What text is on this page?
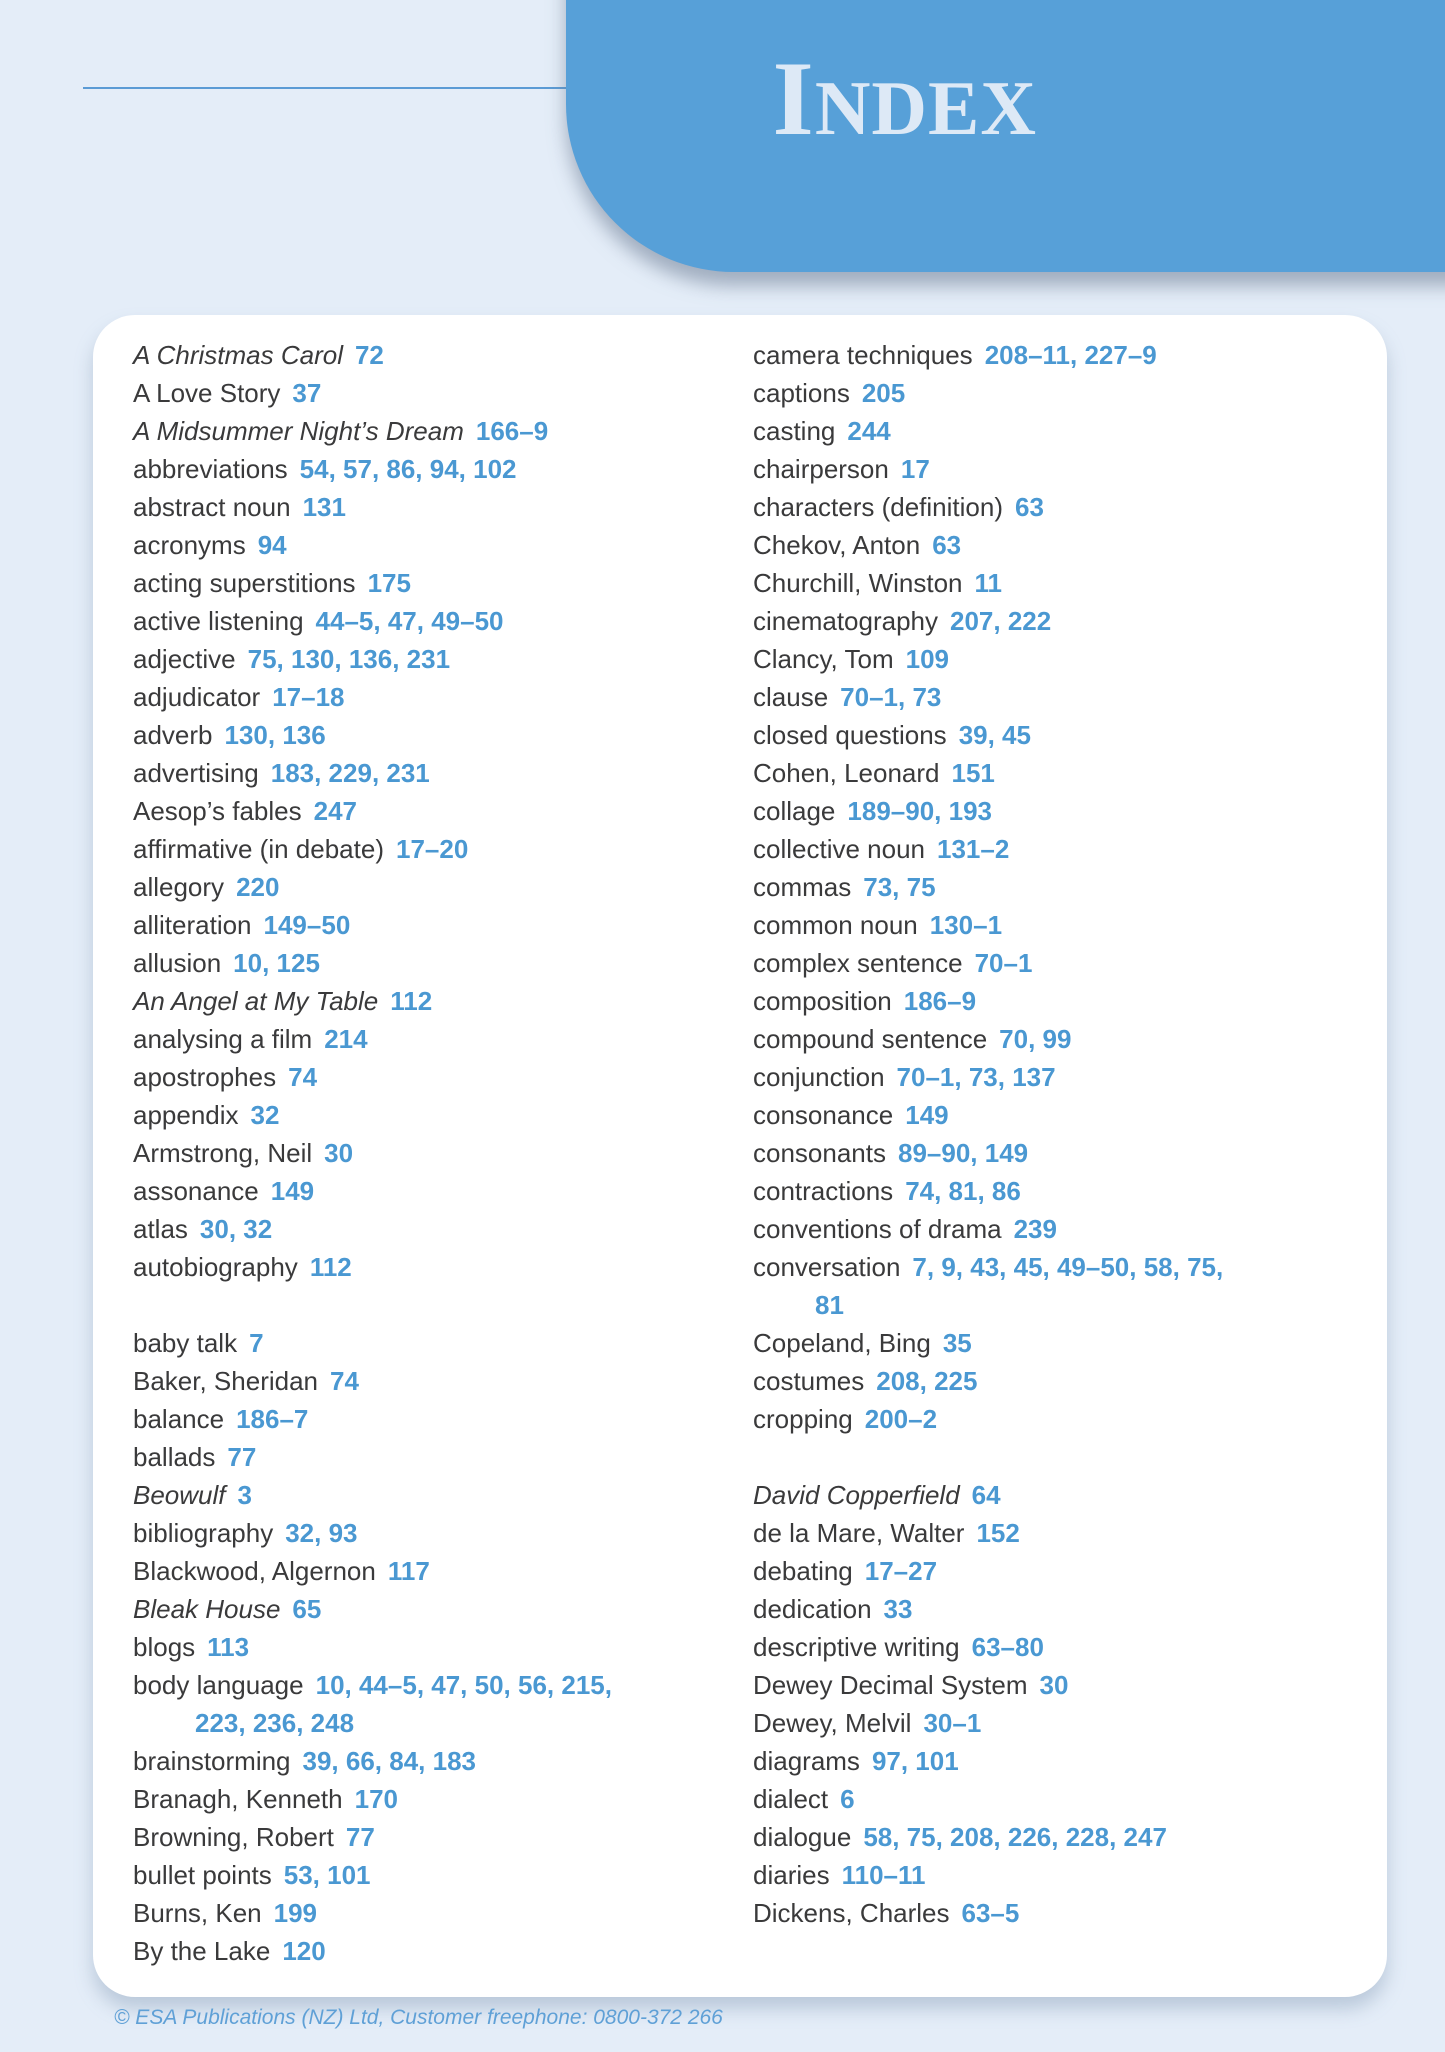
INDEX
A Christmas Carol 72
A Love Story 37
A Midsummer Night’s Dream 166–9
abbreviations 54, 57, 86, 94, 102
abstract noun 131
acronyms 94
acting superstitions 175
active listening 44–5, 47, 49–50
adjective 75, 130, 136, 231
adjudicator 17–18
adverb 130, 136
advertising 183, 229, 231
Aesop’s fables 247
affirmative (in debate) 17–20
allegory 220
alliteration 149–50
allusion 10, 125
An Angel at My Table 112
analysing a film 214
apostrophes 74
appendix 32
Armstrong, Neil 30
assonance 149
atlas 30, 32
autobiography 112
baby talk 7
Baker, Sheridan 74
balance 186–7
ballads 77
Beowulf 3
bibliography 32, 93
Blackwood, Algernon 117
Bleak House 65
blogs 113
body language 10, 44–5, 47, 50, 56, 215,
223, 236, 248
brainstorming 39, 66, 84, 183
Branagh, Kenneth 170
Browning, Robert 77
bullet points 53, 101
Burns, Ken 199
By the Lake 120
camera techniques 208–11, 227–9
captions 205
casting 244
chairperson 17
characters (definition) 63
Chekov, Anton 63
Churchill, Winston 11
cinematography 207, 222
Clancy, Tom 109
clause 70–1, 73
closed questions 39, 45
Cohen, Leonard 151
collage 189–90, 193
collective noun 131–2
commas 73, 75
common noun 130–1
complex sentence 70–1
composition 186–9
compound sentence 70, 99
conjunction 70–1, 73, 137
consonance 149
consonants 89–90, 149
contractions 74, 81, 86
conventions of drama 239
conversation 7, 9, 43, 45, 49–50, 58, 75,
81
Copeland, Bing 35
costumes 208, 225
cropping 200–2
David Copperfield 64
de la Mare, Walter 152
debating 17–27
dedication 33
descriptive writing 63–80
Dewey Decimal System 30
Dewey, Melvil 30–1
diagrams 97, 101
dialect 6
dialogue 58, 75, 208, 226, 228, 247
diaries 110–11
Dickens, Charles 63–5
© ESA Publications (NZ) Ltd, Customer freephone: 0800-372 266
